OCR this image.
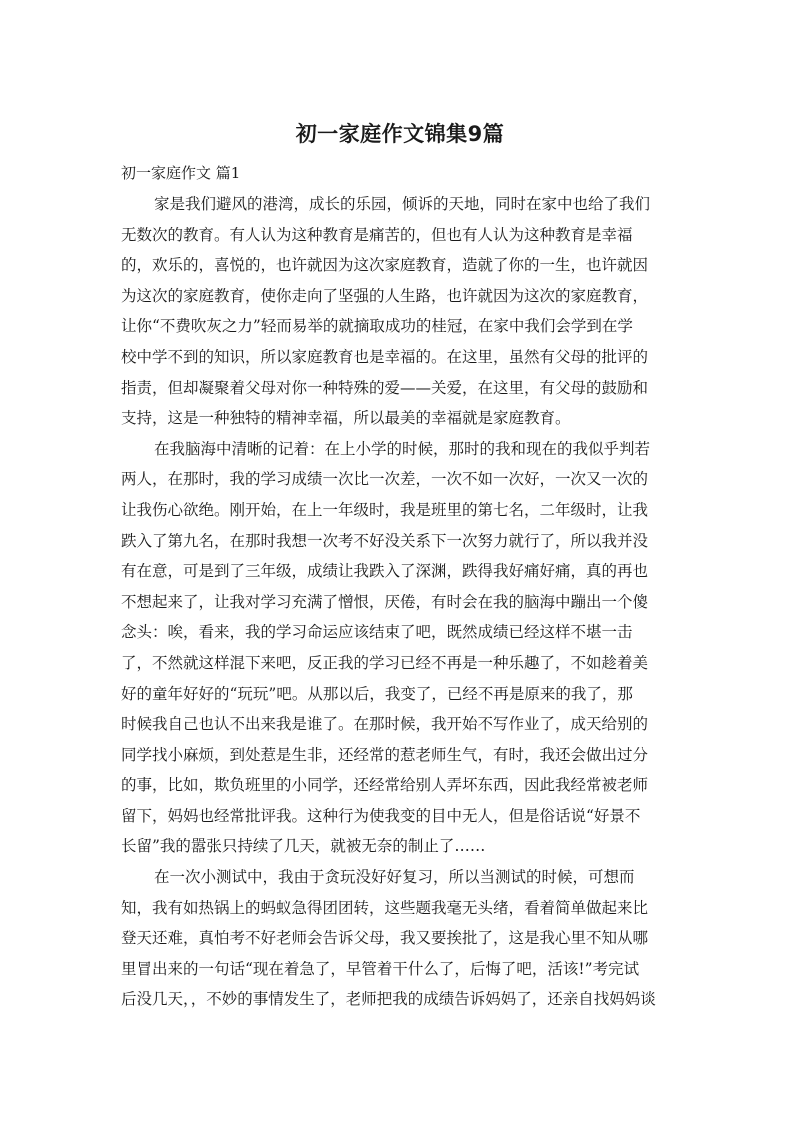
初一家庭作文锦集9篇
初一家庭作文 篇1
家是我们避风的港湾，成长的乐园，倾诉的天地，同时在家中也给了我们
无数次的教育。有人认为这种教育是痛苦的，但也有人认为这种教育是幸福
的，欢乐的，喜悦的，也许就因为这次家庭教育，造就了你的一生，也许就因
为这次的家庭教育，使你走向了坚强的人生路，也许就因为这次的家庭教育，
让你“不费吹灰之力”轻而易举的就摘取成功的桂冠，在家中我们会学到在学
校中学不到的知识，所以家庭教育也是幸福的。在这里，虽然有父母的批评的
指责，但却凝聚着父母对你一种特殊的爱——关爱，在这里，有父母的鼓励和
支持，这是一种独特的精神幸福，所以最美的幸福就是家庭教育。
在我脑海中清晰的记着：在上小学的时候，那时的我和现在的我似乎判若
两人，在那时，我的学习成绩一次比一次差，一次不如一次好，一次又一次的
让我伤心欲绝。刚开始，在上一年级时，我是班里的第七名，二年级时，让我
跌入了第九名，在那时我想一次考不好没关系下一次努力就行了，所以我并没
有在意，可是到了三年级，成绩让我跌入了深渊，跌得我好痛好痛，真的再也
不想起来了，让我对学习充满了憎恨，厌倦，有时会在我的脑海中蹦出一个傻
念头：唉，看来，我的学习命运应该结束了吧，既然成绩已经这样不堪一击
了，不然就这样混下来吧，反正我的学习已经不再是一种乐趣了，不如趁着美
好的童年好好的“玩玩”吧。从那以后，我变了，已经不再是原来的我了，那
时候我自己也认不出来我是谁了。在那时候，我开始不写作业了，成天给别的
同学找小麻烦，到处惹是生非，还经常的惹老师生气，有时，我还会做出过分
的事，比如，欺负班里的小同学，还经常给别人弄坏东西，因此我经常被老师
留下，妈妈也经常批评我。这种行为使我变的目中无人，但是俗话说“好景不
长留”我的嚣张只持续了几天，就被无奈的制止了……
在一次小测试中，我由于贪玩没好好复习，所以当测试的时候，可想而
知，我有如热锅上的蚂蚁急得团团转，这些题我毫无头绪，看着简单做起来比
登天还难，真怕考不好老师会告诉父母，我又要挨批了，这是我心里不知从哪
里冒出来的一句话“现在着急了，早管着干什么了，后悔了吧，活该!”考完试
后没几天，，不妙的事情发生了，老师把我的成绩告诉妈妈了，还亲自找妈妈谈
